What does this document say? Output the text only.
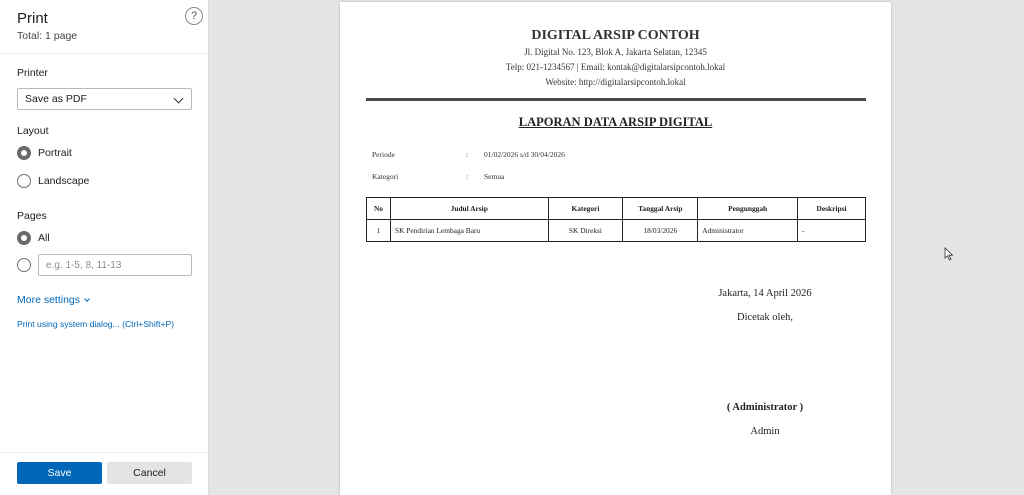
Print
Total: 1 page
?
Printer
Save as PDF
Layout
Portrait
Landscape
Pages
All
e.g. 1-5, 8, 11-13
More settings
Print using system dialog... (Ctrl+Shift+P)
Save	Cancel
DIGITAL ARSIP CONTOH
Jl. Digital No. 123, Blok A, Jakarta Selatan, 12345
Telp: 021-1234567 | Email: kontak@digitalarsipcontoh.lokal
Website: http://digitalarsipcontoh.lokal
LAPORAN DATA ARSIP DIGITAL
Periode	: 01/02/2026 s/d 30/04/2026
Kategori	: Semua
No	Judul Arsip	Kategori	Tanggal Arsip	Pengunggah	Deskripsi
1	SK Pendirian Lembaga Baru	SK Direksi	18/03/2026	Administrator	-
Jakarta, 14 April 2026
Dicetak oleh,
( Administrator )
Admin
